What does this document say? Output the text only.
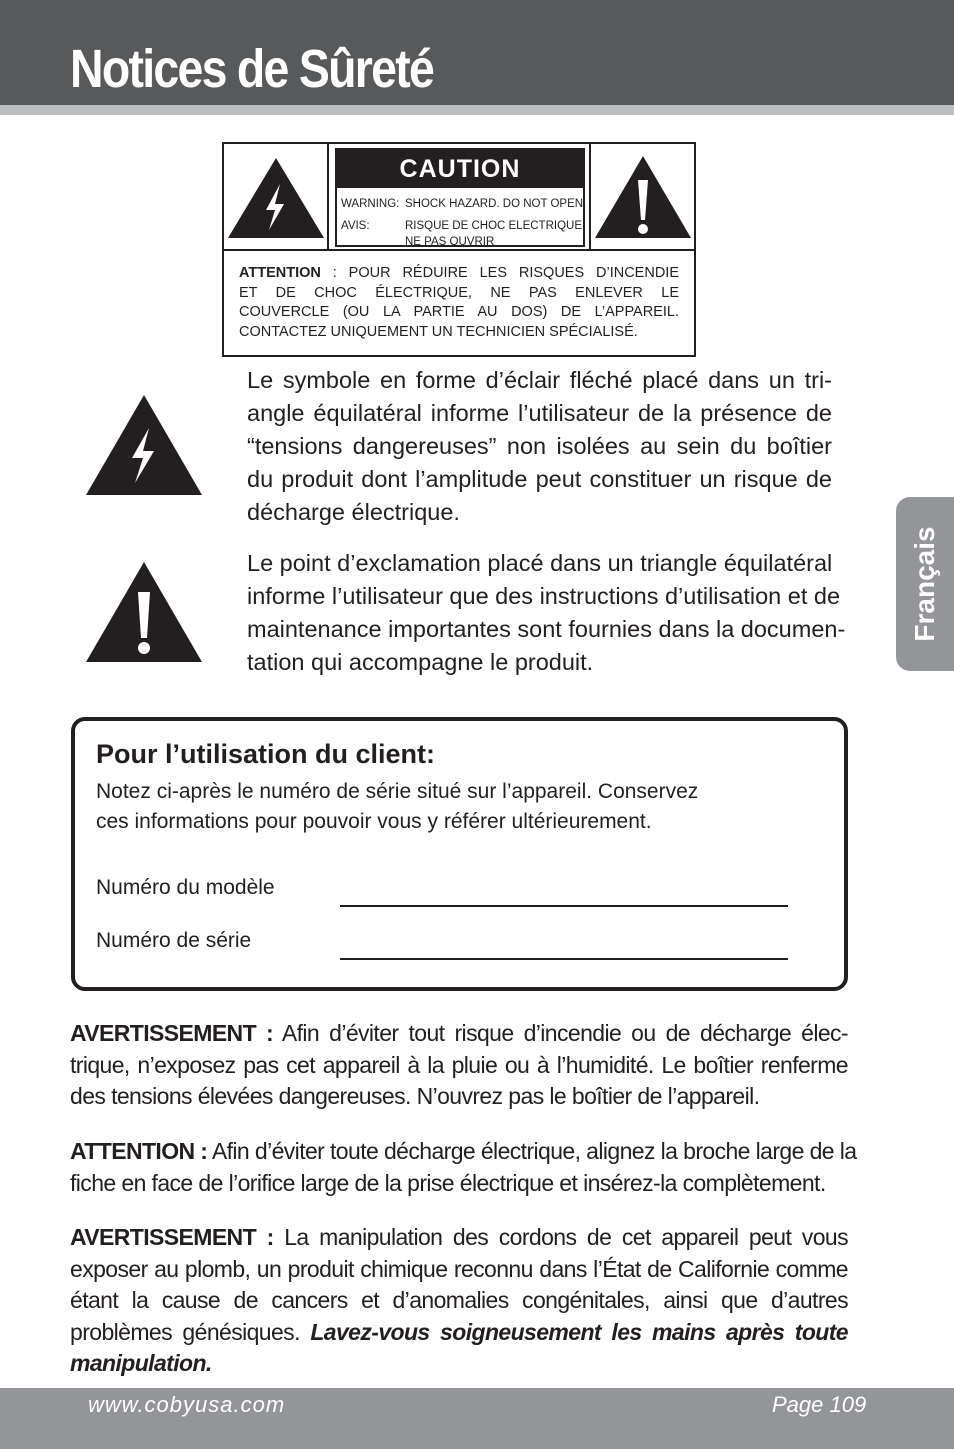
Notices de Sûreté
Français
CAUTION
WARNING: SHOCK HAZARD. DO NOT OPEN.
AVIS:	RISQUE DE CHOC ELECTRIQUE.
NE PAS OUVRIR
ATTENTION : POUR RÉDUIRE LES RISQUES D’INCENDIE
ET DE CHOC ÉLECTRIQUE, NE PAS ENLEVER LE
COUVERCLE (OU LA PARTIE AU DOS) DE L’APPAREIL.
CONTACTEZ UNIQUEMENT UN TECHNICIEN SPÉCIALISÉ.
Le symbole en forme d’éclair fléché placé dans un tri-
angle équilatéral informe l’utilisateur de la présence de
“tensions dangereuses” non isolées au sein du boîtier
du produit dont l’amplitude peut constituer un risque de
décharge électrique.
Le point d’exclamation placé dans un triangle équilatéral
informe l’utilisateur que des instructions d’utilisation et de
maintenance importantes sont fournies dans la documen-
tation qui accompagne le produit.
Pour l’utilisation du client:
Notez ci-après le numéro de série situé sur l’appareil. Conservez
ces informations pour pouvoir vous y référer ultérieurement.
Numéro du modèle
Numéro de série
AVERTISSEMENT : Afin d’éviter tout risque d’incendie ou de décharge élec-
trique, n’exposez pas cet appareil à la pluie ou à l’humidité. Le boîtier renferme
des tensions élevées dangereuses. N’ouvrez pas le boîtier de l’appareil.
ATTENTION : Afin d’éviter toute décharge électrique, alignez la broche large de la
fiche en face de l’orifice large de la prise électrique et insérez-la complètement.
AVERTISSEMENT : La manipulation des cordons de cet appareil peut vous
exposer au plomb, un produit chimique reconnu dans l’État de Californie comme
étant la cause de cancers et d’anomalies congénitales, ainsi que d’autres
problèmes génésiques. Lavez-vous soigneusement les mains après toute
manipulation.
www.cobyusa.com	Page 109
